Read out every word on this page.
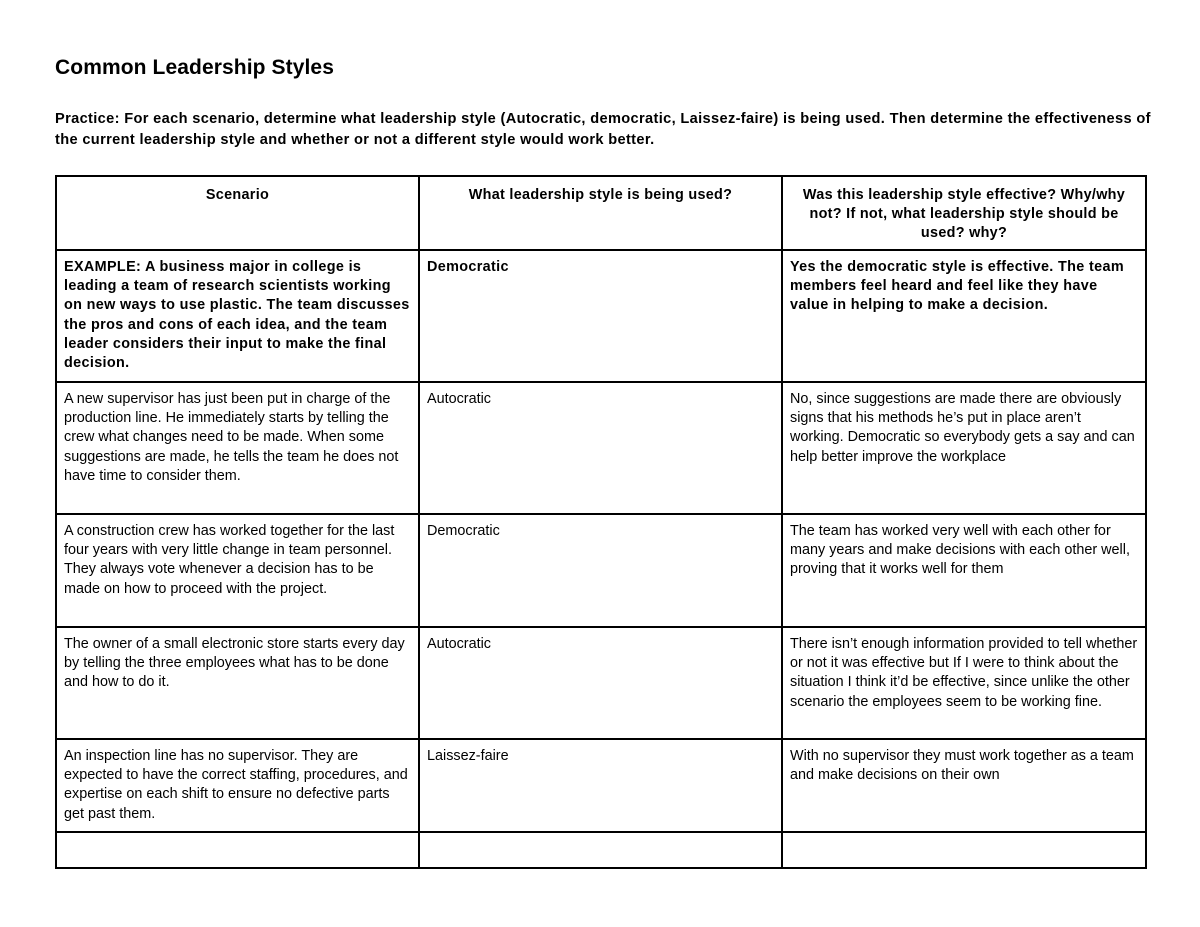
Common Leadership Styles

Practice: For each scenario, determine what leadership style (Autocratic, democratic, Laissez-faire) is being used. Then determine the effectiveness of the current leadership style and whether or not a different style would work better.

Scenario	What leadership style is being used?	Was this leadership style effective? Why/why not? If not, what leadership style should be used? why?
EXAMPLE: A business major in college is leading a team of research scientists working on new ways to use plastic. The team discusses the pros and cons of each idea, and the team leader considers their input to make the final decision.	Democratic	Yes the democratic style is effective. The team members feel heard and feel like they have value in helping to make a decision.
A new supervisor has just been put in charge of the production line. He immediately starts by telling the crew what changes need to be made. When some suggestions are made, he tells the team he does not have time to consider them.	Autocratic	No, since suggestions are made there are obviously signs that his methods he’s put in place aren’t working. Democratic so everybody gets a say and can help better improve the workplace
A construction crew has worked together for the last four years with very little change in team personnel. They always vote whenever a decision has to be made on how to proceed with the project.	Democratic	The team has worked very well with each other for many years and make decisions with each other well, proving that it works well for them
The owner of a small electronic store starts every day by telling the three employees what has to be done and how to do it.	Autocratic	There isn’t enough information provided to tell whether or not it was effective but If I were to think about the situation I think it’d be effective, since unlike the other scenario the employees seem to be working fine.
An inspection line has no supervisor. They are expected to have the correct staffing, procedures, and expertise on each shift to ensure no defective parts get past them.	Laissez-faire	With no supervisor they must work together as a team and make decisions on their own
